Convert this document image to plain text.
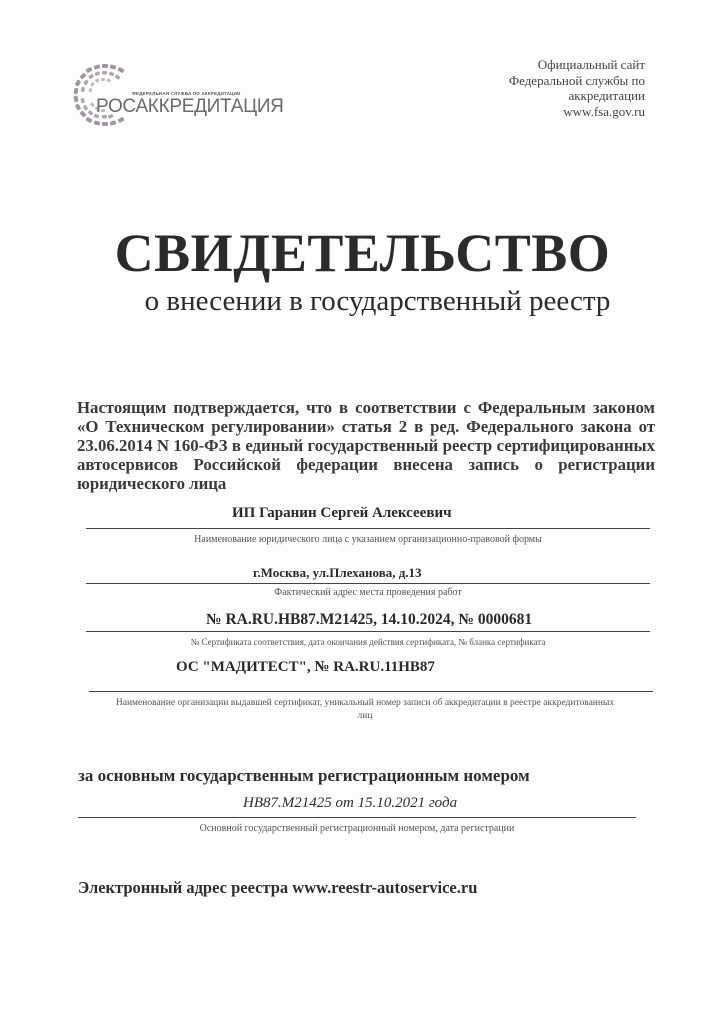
ФЕДЕРАЛЬНАЯ СЛУЖБА ПО АККРЕДИТАЦИИ
РОСАККРЕДИТАЦИЯ
Официальный сайт
Федеральной службы по
аккредитации
www.fsa.gov.ru
СВИДЕТЕЛЬСТВО
о внесении в государственный реестр

Настоящим подтверждается, что в соответствии с Федеральным законом «О Техническом регулировании» статья 2 в ред. Федерального закона от 23.06.2014 N 160-ФЗ в единый государственный реестр сертифицированных автосервисов Российской федерации внесена запись о регистрации юридического лица

ИП Гаранин Сергей Алексеевич
Наименование юридического лица с указанием организационно-правовой формы
г.Москва, ул.Плеханова, д.13
Фактический адрес места проведения работ
№ RA.RU.HB87.M21425, 14.10.2024, № 0000681
№ Сертификата соответствия, дата окончания действия сертификата, № бланка сертификата
ОС "МАДИТЕСТ", № RA.RU.11HB87
Наименование организации выдавшей сертификат, уникальный номер записи об аккредитации в реестре аккредитованных
лиц
за основным государственным регистрационным номером
HB87.M21425 от 15.10.2021 года
Основной государственный регистрационный номером, дата регистрации
Электронный адрес реестра www.reestr-autoservice.ru
